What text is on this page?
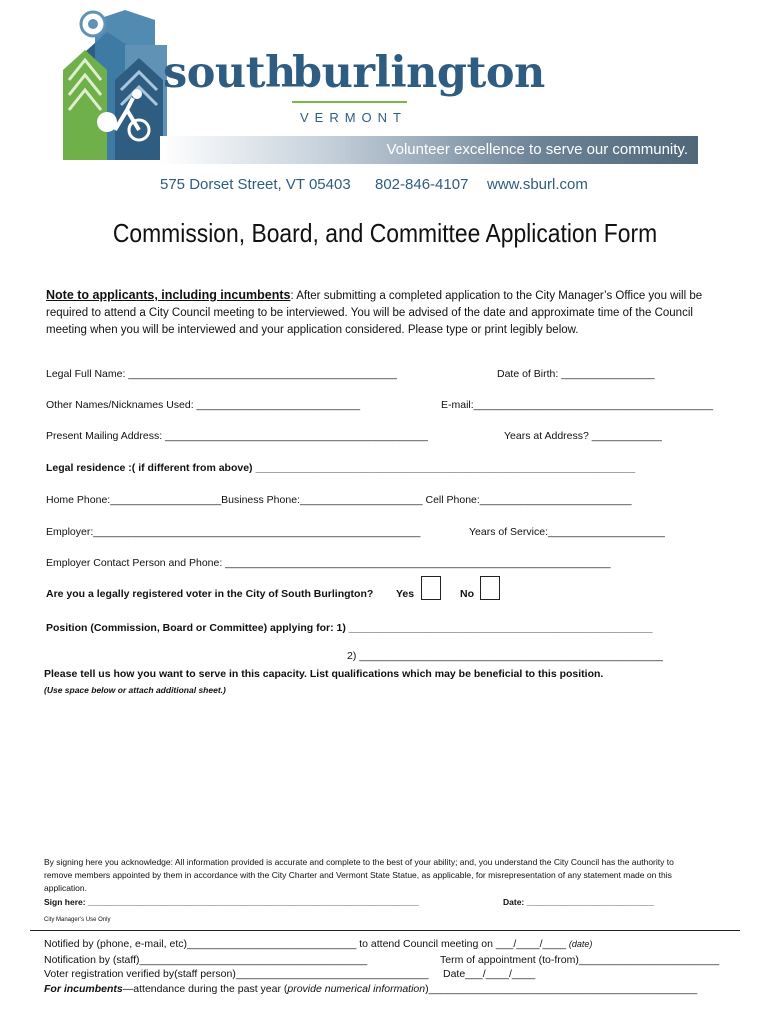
south
burlington
VERMONT
Volunteer excellence to serve our community.
575 Dorset Street, VT 05403 802-846-4107 www.sburl.com
Commission, Board, and Committee Application Form
Note to applicants, including incumbents: After submitting a completed application to the City Manager’s Office you will be required to attend a City Council meeting to be interviewed. You will be advised of the date and approximate time of the Council meeting when you will be interviewed and your application considered. Please type or print legibly below.
Legal Full Name: ______________________________________________	Date of Birth: ________________
Other Names/Nicknames Used: ____________________________	E-mail:_________________________________________
Present Mailing Address: _____________________________________________	Years at Address? ____________
Legal residence :( if different from above) _________________________________________________________________
Home Phone:___________________Business Phone:_____________________ Cell Phone:__________________________
Employer:________________________________________________________	Years of Service:____________________
Employer Contact Person and Phone: __________________________________________________________________
Are you a legally registered voter in the City of South Burlington? Yes	No
Position (Commission, Board or Committee) applying for: 1) ____________________________________________________
2) ____________________________________________________
Please tell us how you want to serve in this capacity. List qualifications which may be beneficial to this position.
(Use space below or attach additional sheet.)
By signing here you acknowledge: All information provided is accurate and complete to the best of your ability; and, you understand the City Council has the authority to remove members appointed by them in accordance with the City Charter and Vermont State Statue, as applicable, for misrepresentation of any statement made on this application.
Sign here: ______________________________________________________________________	Date: ___________________________
City Manager’s Use Only
Notified by (phone, e-mail, etc)_____________________________ to attend Council meeting on ___/____/____ (date)
Notification by (staff)_______________________________________	Term of appointment (to-from)________________________
Voter registration verified by(staff person)_________________________________ Date___/____/____
For incumbents—attendance during the past year (provide numerical information)______________________________________________
